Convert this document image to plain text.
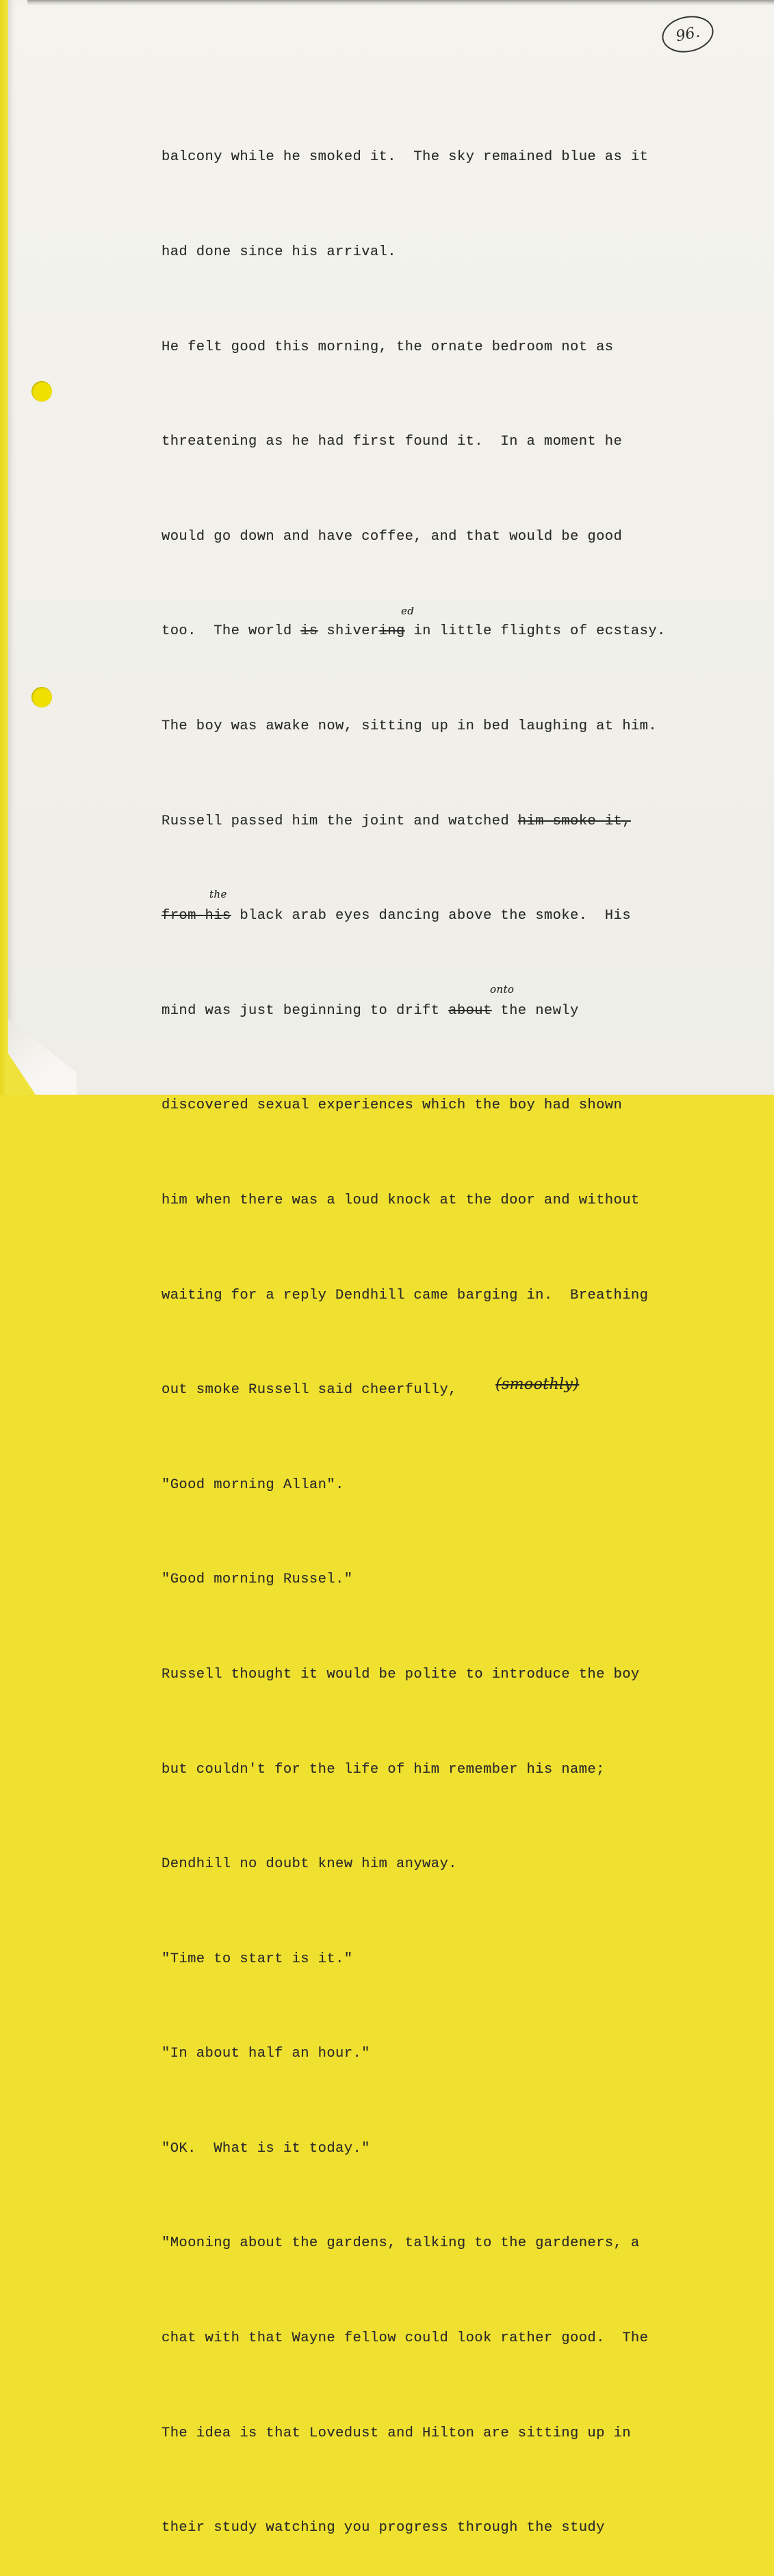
96.

balcony while he smoked it.  The sky remained blue as it

had done since his arrival.

He felt good this morning, the ornate bedroom not as

threatening as he had first found it.  In a moment he

would go down and have coffee, and that would be good

too.  The world is shivering in little flights of ecstasy.
ed

The boy was awake now, sitting up in bed laughing at him.

Russell passed him the joint and watched him smoke it,

from his black arab eyes dancing above the smoke.  His
the

mind was just beginning to drift about the newly
onto

discovered sexual experiences which the boy had shown

him when there was a loud knock at the door and without

waiting for a reply Dendhill came barging in.  Breathing

out smoke Russell said cheerfully, (smoothly)

"Good morning Allan".

"Good morning Russel."

Russell thought it would be polite to introduce the boy

but couldn't for the life of him remember his name;

Dendhill no doubt knew him anyway.

"Time to start is it."

"In about half an hour."

"OK.  What is it today."

"Mooning about the gardens, talking to the gardeners, a

chat with that Wayne fellow could look rather good.  The

The idea is that Lovedust and Hilton are sitting up in

their study watching you progress through the study
